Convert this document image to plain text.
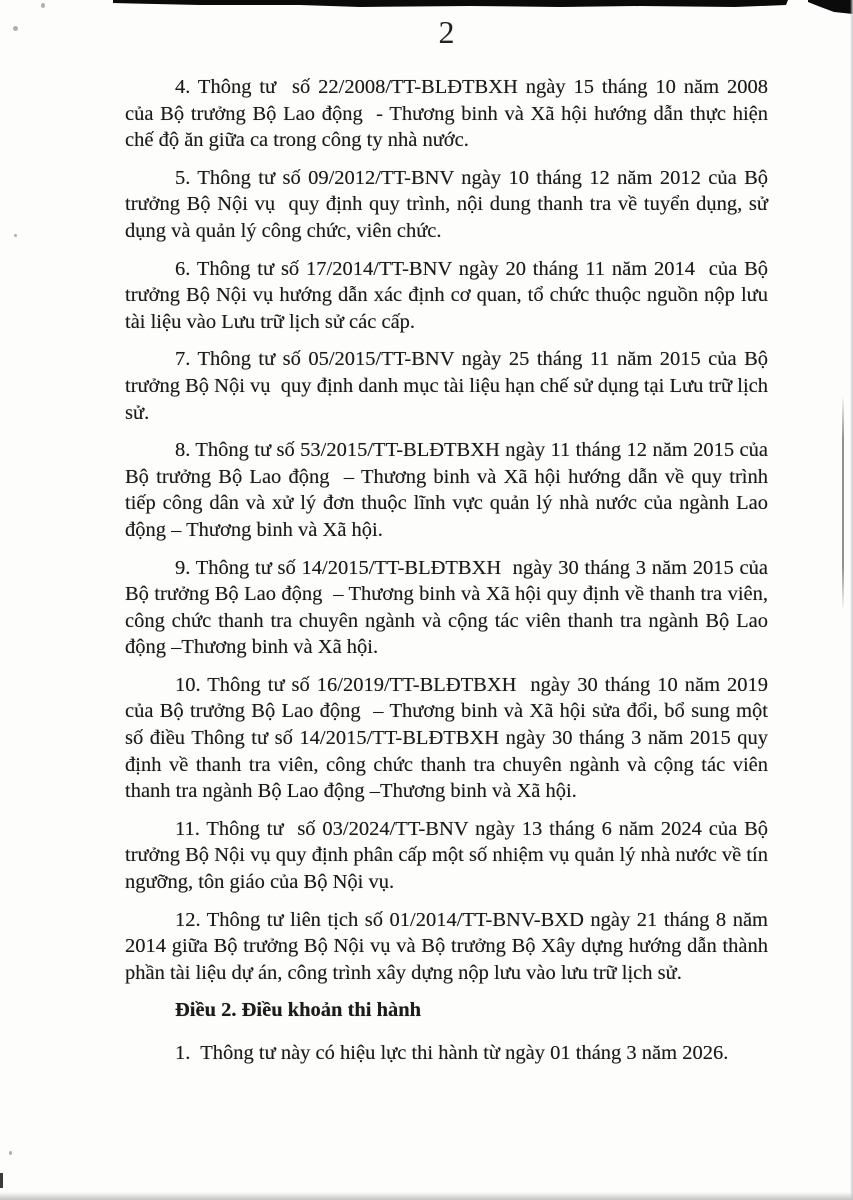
2

4. Thông tư  số 22/2008/TT-BLĐTBXH ngày 15 tháng 10 năm 2008 của Bộ trưởng Bộ Lao động  - Thương binh và Xã hội hướng dẫn thực hiện chế độ ăn giữa ca trong công ty nhà nước.

5. Thông tư số 09/2012/TT-BNV ngày 10 tháng 12 năm 2012 của Bộ trưởng Bộ Nội vụ  quy định quy trình, nội dung thanh tra về tuyển dụng, sử dụng và quản lý công chức, viên chức.

6. Thông tư số 17/2014/TT-BNV ngày 20 tháng 11 năm 2014  của Bộ trưởng Bộ Nội vụ hướng dẫn xác định cơ quan, tổ chức thuộc nguồn nộp lưu tài liệu vào Lưu trữ lịch sử các cấp.

7. Thông tư số 05/2015/TT-BNV ngày 25 tháng 11 năm 2015 của Bộ trưởng Bộ Nội vụ  quy định danh mục tài liệu hạn chế sử dụng tại Lưu trữ lịch sử.

8. Thông tư số 53/2015/TT-BLĐTBXH ngày 11 tháng 12 năm 2015 của Bộ trưởng Bộ Lao động  – Thương binh và Xã hội hướng dẫn về quy trình tiếp công dân và xử lý đơn thuộc lĩnh vực quản lý nhà nước của ngành Lao động – Thương binh và Xã hội.

9. Thông tư số 14/2015/TT-BLĐTBXH  ngày 30 tháng 3 năm 2015 của Bộ trưởng Bộ Lao động  – Thương binh và Xã hội quy định về thanh tra viên, công chức thanh tra chuyên ngành và cộng tác viên thanh tra ngành Bộ Lao động –Thương binh và Xã hội.

10. Thông tư số 16/2019/TT-BLĐTBXH  ngày 30 tháng 10 năm 2019 của Bộ trưởng Bộ Lao động  – Thương binh và Xã hội sửa đổi, bổ sung một số điều Thông tư số 14/2015/TT-BLĐTBXH ngày 30 tháng 3 năm 2015 quy định về thanh tra viên, công chức thanh tra chuyên ngành và cộng tác viên thanh tra ngành Bộ Lao động –Thương binh và Xã hội.

11. Thông tư  số 03/2024/TT-BNV ngày 13 tháng 6 năm 2024 của Bộ trưởng Bộ Nội vụ quy định phân cấp một số nhiệm vụ quản lý nhà nước về tín ngưỡng, tôn giáo của Bộ Nội vụ.

12. Thông tư liên tịch số 01/2014/TT-BNV-BXD ngày 21 tháng 8 năm 2014 giữa Bộ trưởng Bộ Nội vụ và Bộ trưởng Bộ Xây dựng hướng dẫn thành phần tài liệu dự án, công trình xây dựng nộp lưu vào lưu trữ lịch sử.

Điều 2. Điều khoản thi hành

1.  Thông tư này có hiệu lực thi hành từ ngày 01 tháng 3 năm 2026.
